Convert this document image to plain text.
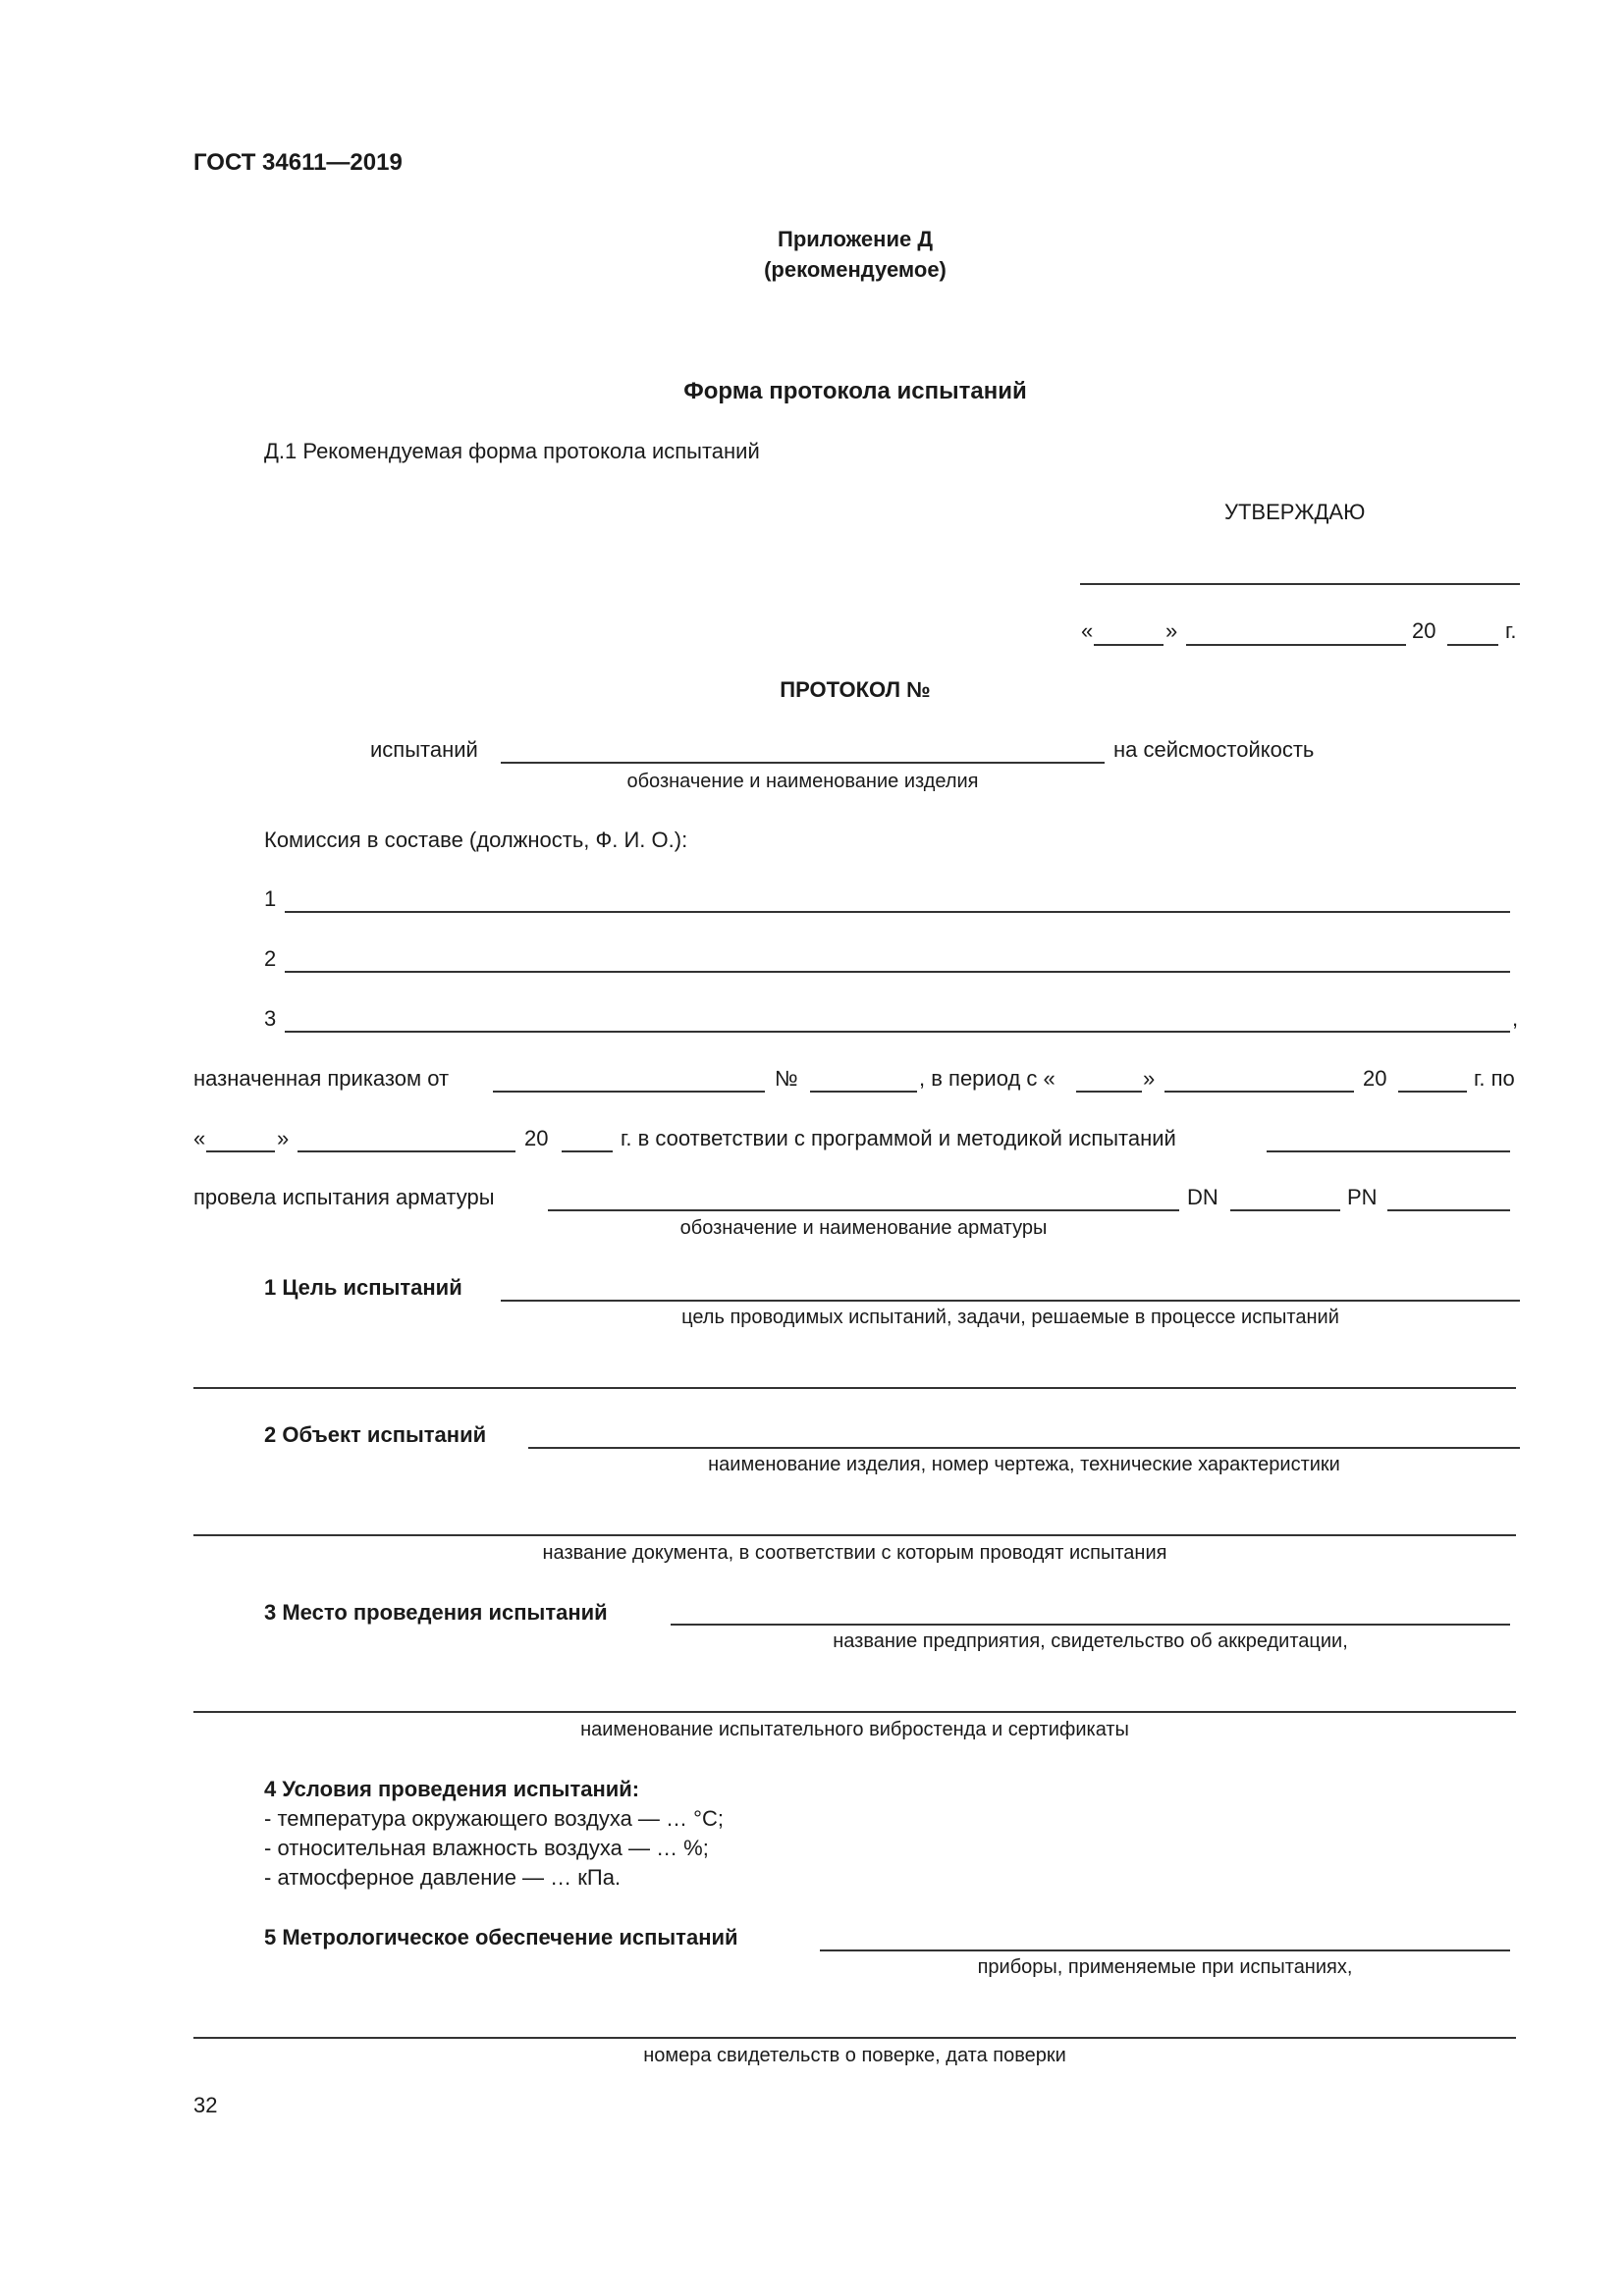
ГОСТ 34611—2019
Приложение Д
(рекомендуемое)
Форма протокола испытаний
Д.1 Рекомендуемая форма протокола испытаний
УТВЕРЖДАЮ
«	»	20	г.
ПРОТОКОЛ №
испытаний	на сейсмостойкость
обозначение и наименование изделия
Комиссия в составе (должность, Ф. И. О.):
1
2
3	,
назначенная приказом от	№	, в период с «	»	20	г. по
«	»	20	г. в соответствии с программой и методикой испытаний
провела испытания арматуры	DN	PN
обозначение и наименование арматуры
1 Цель испытаний
цель проводимых испытаний, задачи, решаемые в процессе испытаний
2 Объект испытаний
наименование изделия, номер чертежа, технические характеристики
название документа, в соответствии с которым проводят испытания
3 Место проведения испытаний
название предприятия, свидетельство об аккредитации,
наименование испытательного вибростенда и сертификаты
4 Условия проведения испытаний:
- температура окружающего воздуха — … °С;
- относительная влажность воздуха — … %;
- атмосферное давление — … кПа.
5 Метрологическое обеспечение испытаний
приборы, применяемые при испытаниях,
номера свидетельств о поверке, дата поверки
32
